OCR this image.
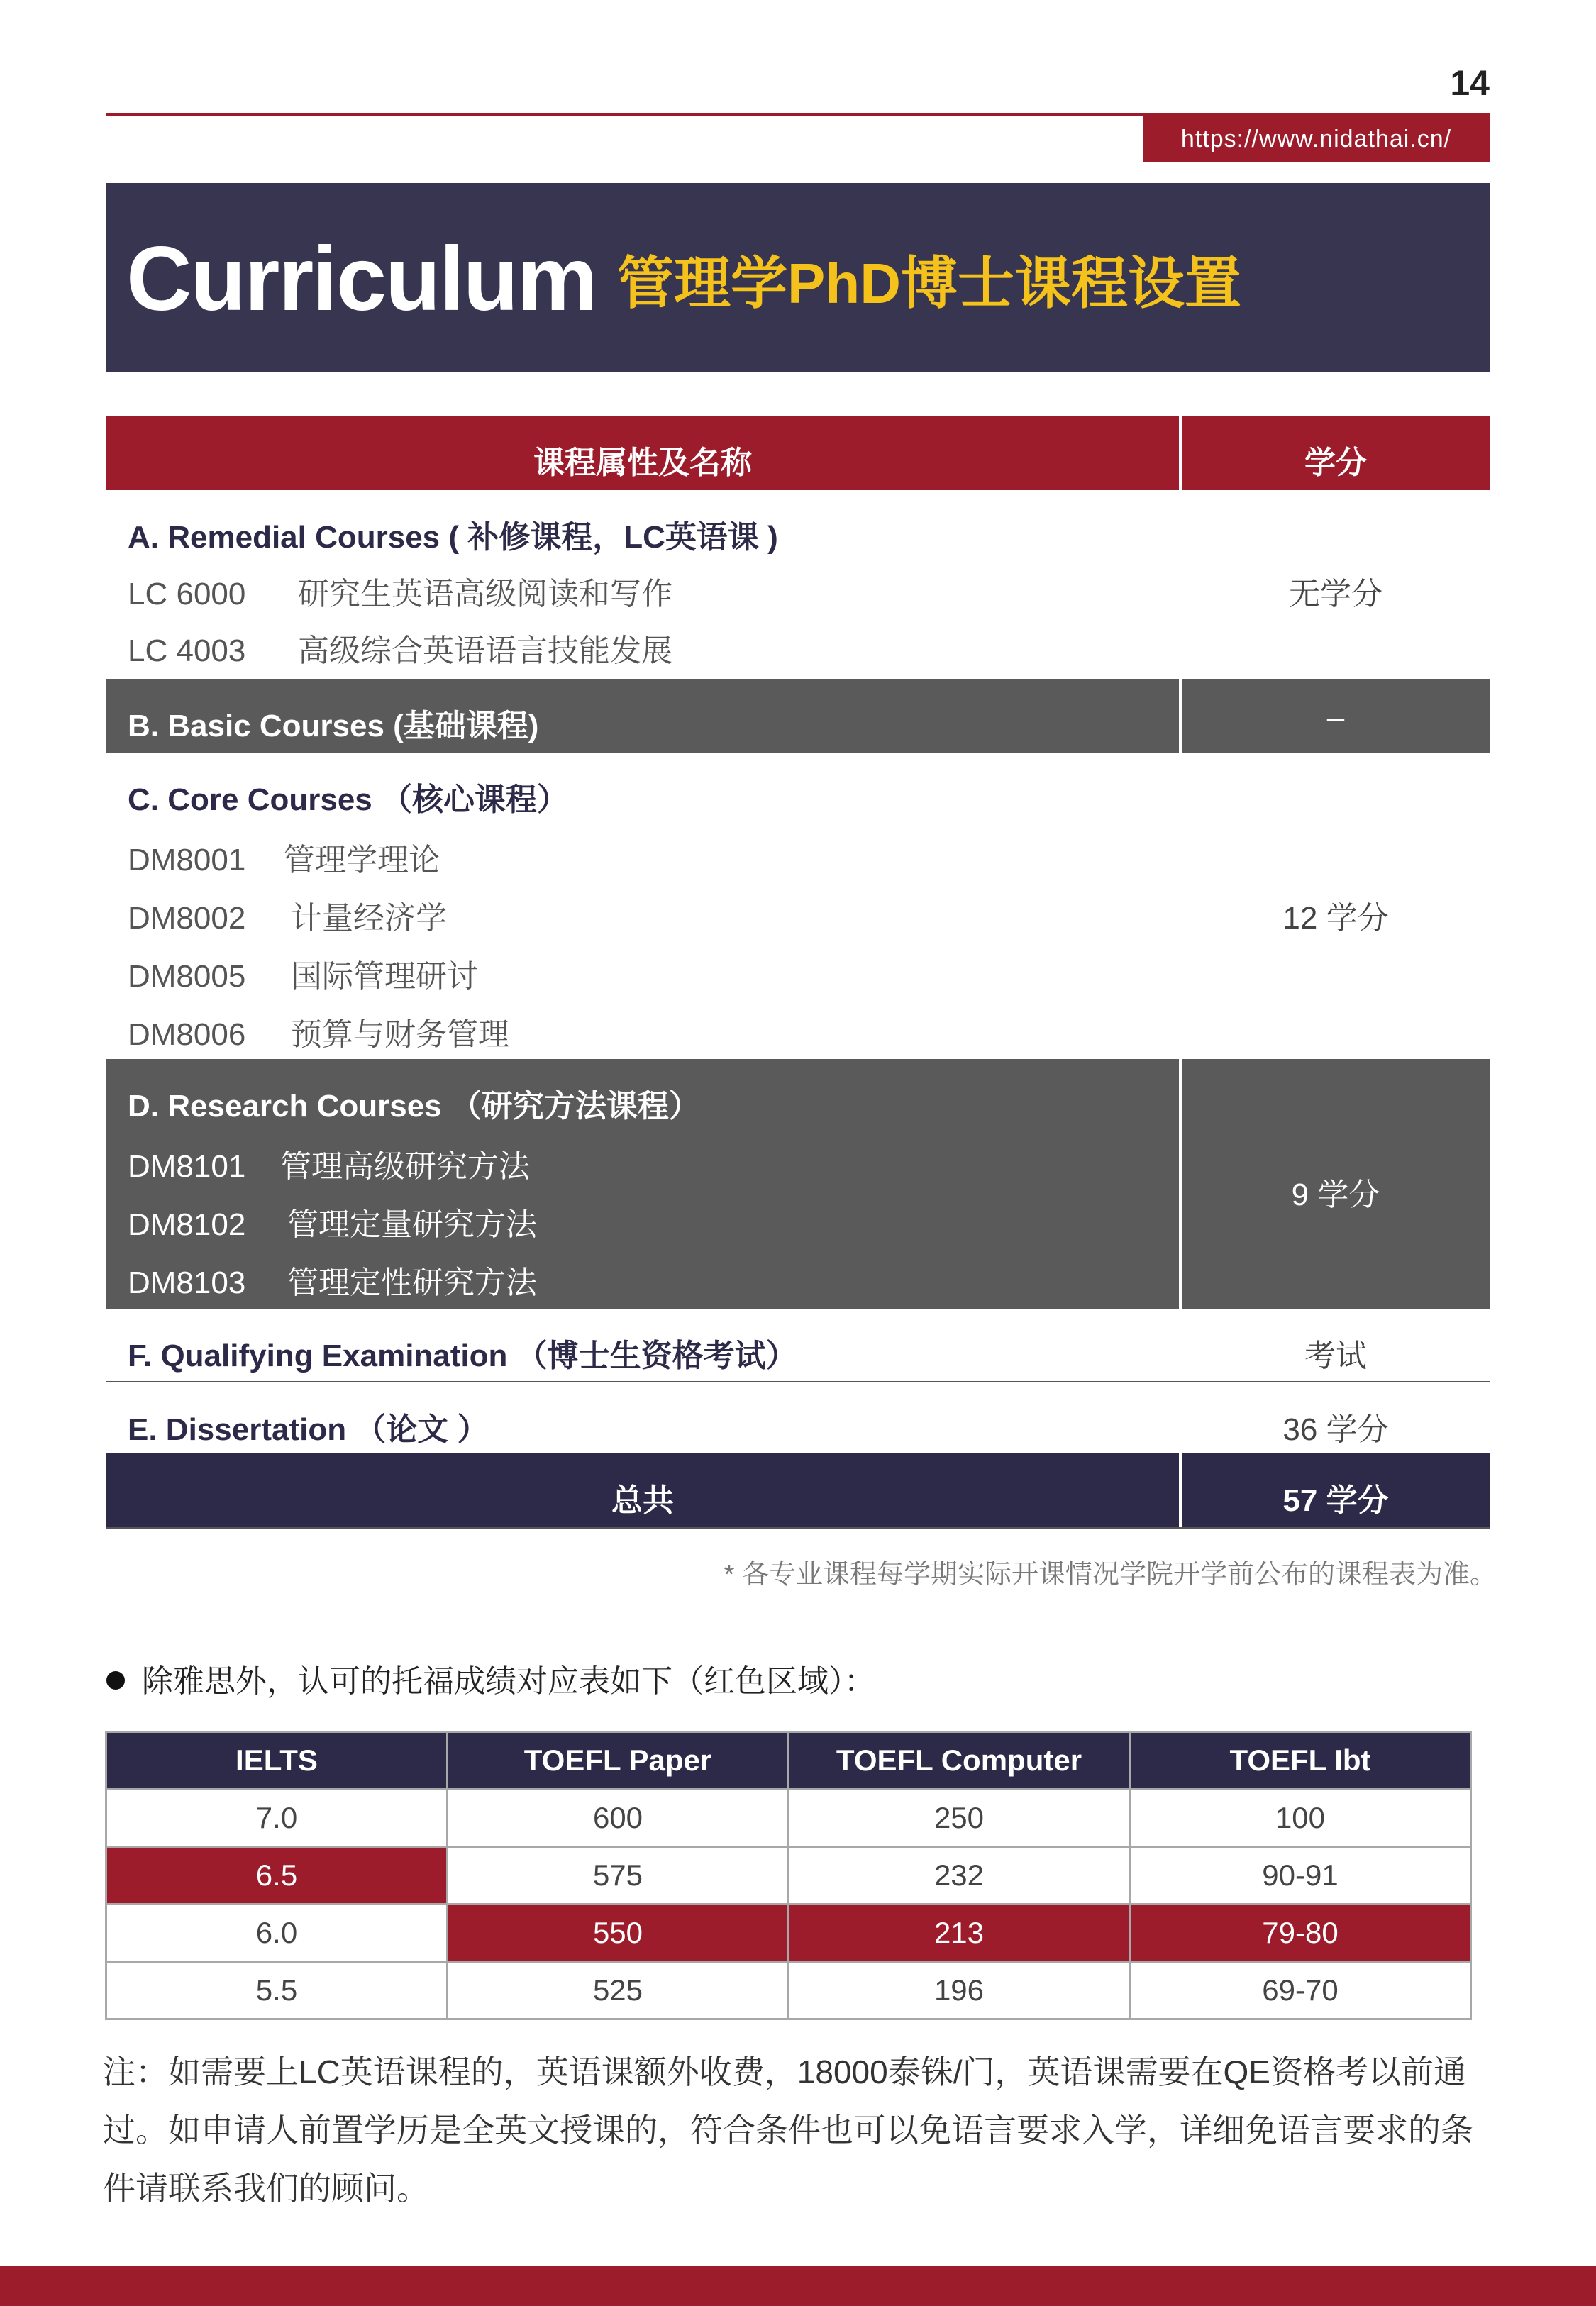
14
https://www.nidathai.cn/
Curriculum 管理学PhD博士课程设置
课程属性及名称	学分
A. Remedial Courses ( 补修课程，LC英语课 )
LC 6000 研究生英语高级阅读和写作
LC 4003 高级综合英语语言技能发展
无学分
B. Basic Courses (基础课程)	–
C. Core Courses （核心课程）
DM8001 管理学理论
DM8002 计量经济学
DM8005 国际管理研讨
DM8006 预算与财务管理
12 学分
D. Research Courses （研究方法课程）
DM8101 管理高级研究方法
DM8102 管理定量研究方法
DM8103 管理定性研究方法
9 学分
F. Qualifying Examination （博士生资格考试）	考试
E. Dissertation （论文 ）	36 学分
总共	57 学分
* 各专业课程每学期实际开课情况学院开学前公布的课程表为准。
除雅思外，认可的托福成绩对应表如下（红色区域）：
IELTS	TOEFL Paper	TOEFL Computer	TOEFL Ibt
7.0	600	250	100
6.5	575	232	90-91
6.0	550	213	79-80
5.5	525	196	69-70
注：如需要上LC英语课程的，英语课额外收费，18000泰铢/门，英语课需要在QE资格考以前通过。如申请人前置学历是全英文授课的，符合条件也可以免语言要求入学，详细免语言要求的条件请联系我们的顾问。
